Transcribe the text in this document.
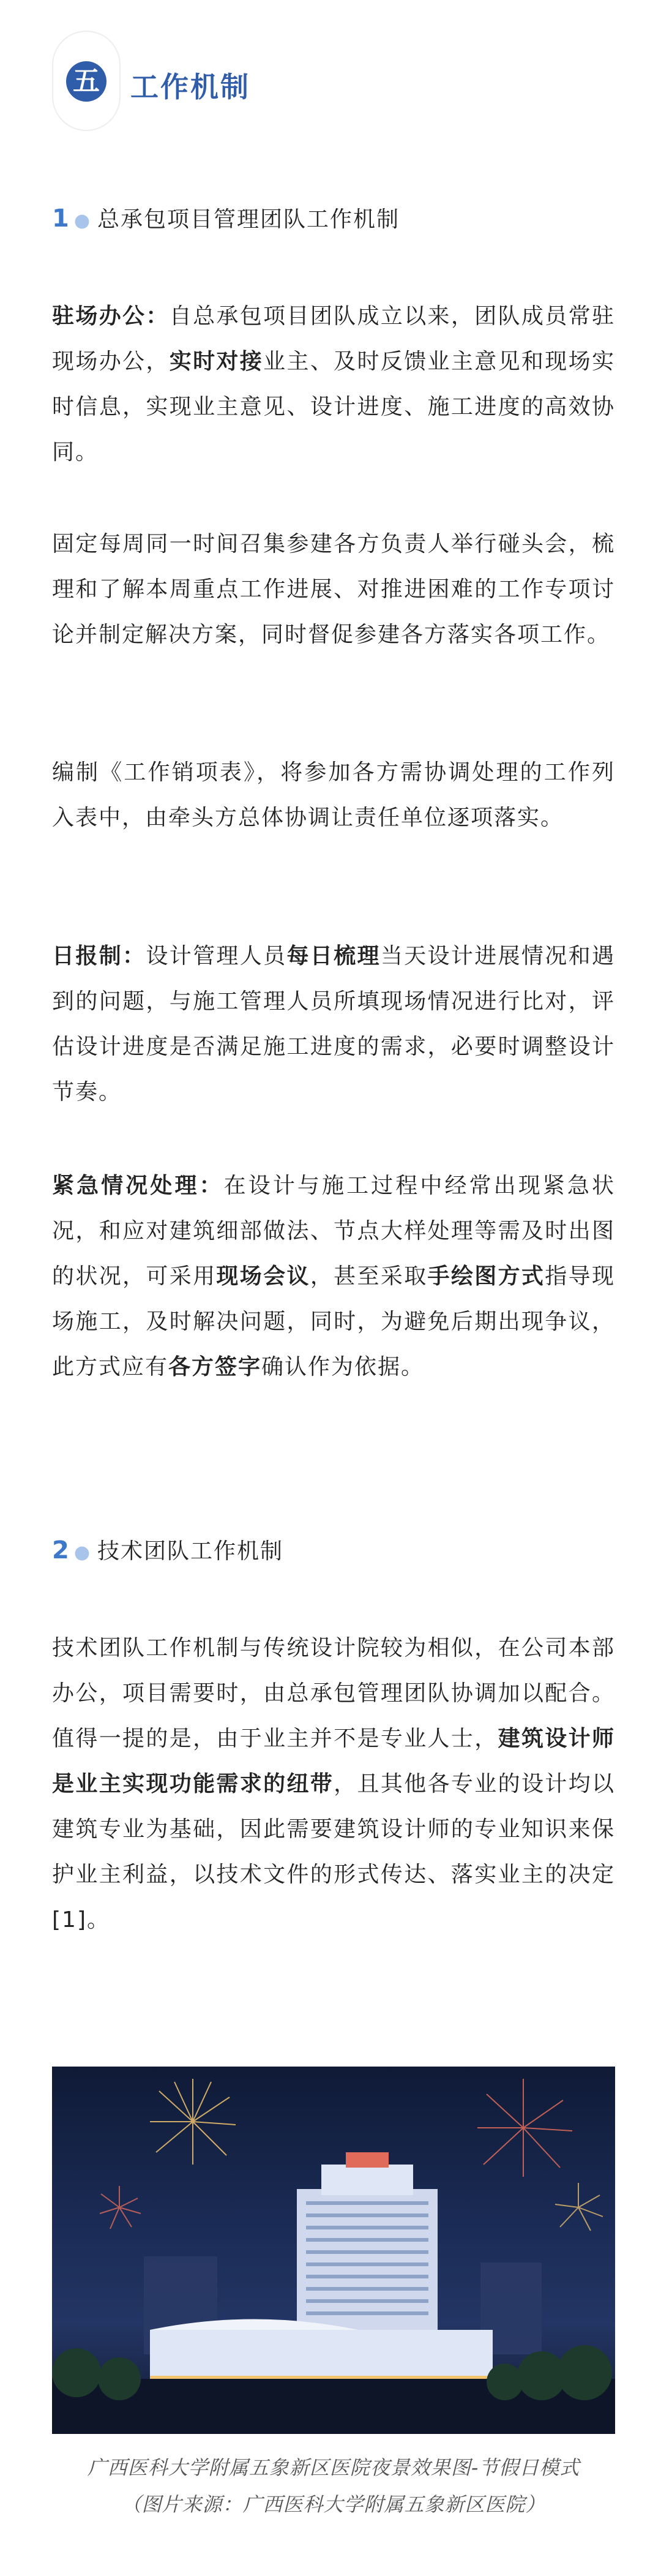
五 工作机制
1 ● 总承包项目管理团队工作机制

驻场办公：自总承包项目团队成立以来，团队成员常驻现场办公，实时对接业主、及时反馈业主意见和现场实时信息，实现业主意见、设计进度、施工进度的高效协同。

固定每周同一时间召集参建各方负责人举行碰头会，梳理和了解本周重点工作进展、对推进困难的工作专项讨论并制定解决方案，同时督促参建各方落实各项工作。

编制《工作销项表》，将参加各方需协调处理的工作列入表中，由牵头方总体协调让责任单位逐项落实。

日报制：设计管理人员每日梳理当天设计进展情况和遇到的问题，与施工管理人员所填现场情况进行比对，评估设计进度是否满足施工进度的需求，必要时调整设计节奏。

紧急情况处理：在设计与施工过程中经常出现紧急状况，和应对建筑细部做法、节点大样处理等需及时出图的状况，可采用现场会议，甚至采取手绘图方式指导现场施工，及时解决问题，同时，为避免后期出现争议，此方式应有各方签字确认作为依据。

2 ● 技术团队工作机制

技术团队工作机制与传统设计院较为相似，在公司本部办公，项目需要时，由总承包管理团队协调加以配合。值得一提的是，由于业主并不是专业人士，建筑设计师是业主实现功能需求的纽带，且其他各专业的设计均以建筑专业为基础，因此需要建筑设计师的专业知识来保护业主利益，以技术文件的形式传达、落实业主的决定[1]。

广西医科大学附属五象新区医院夜景效果图-节假日模式
（图片来源：广西医科大学附属五象新区医院）
